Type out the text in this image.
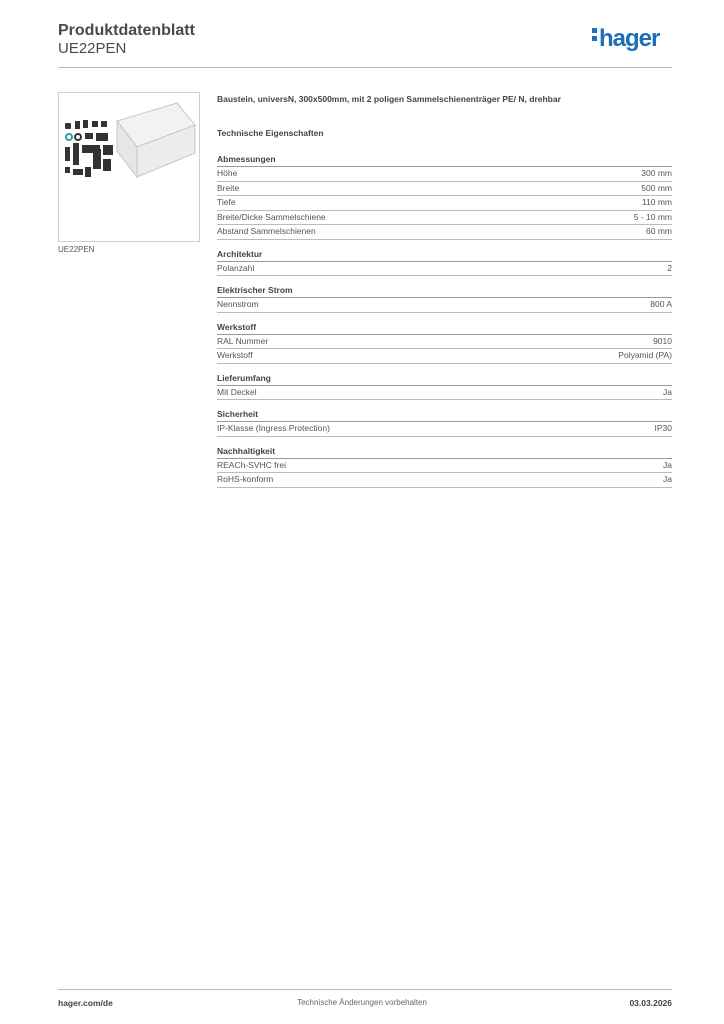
Produktdatenblatt
UE22PEN	hager
UE22PEN
Baustein, universN, 300x500mm, mit 2 poligen Sammelschienenträger PE/ N, drehbar
Technische Eigenschaften
Abmessungen
Höhe	300 mm
Breite	500 mm
Tiefe	110 mm
Breite/Dicke Sammelschiene	5 - 10 mm
Abstand Sammelschienen	60 mm
Architektur
Polanzahl	2
Elektrischer Strom
Nennstrom	800 A
Werkstoff
RAL Nummer	9010
Werkstoff	Polyamid (PA)
Lieferumfang
Mit Deckel	Ja
Sicherheit
IP-Klasse (Ingress Protection)	IP30
Nachhaltigkeit
REACh-SVHC frei	Ja
RoHS-konform	Ja
hager.com/de	Technische Änderungen vorbehalten	03.03.2026
